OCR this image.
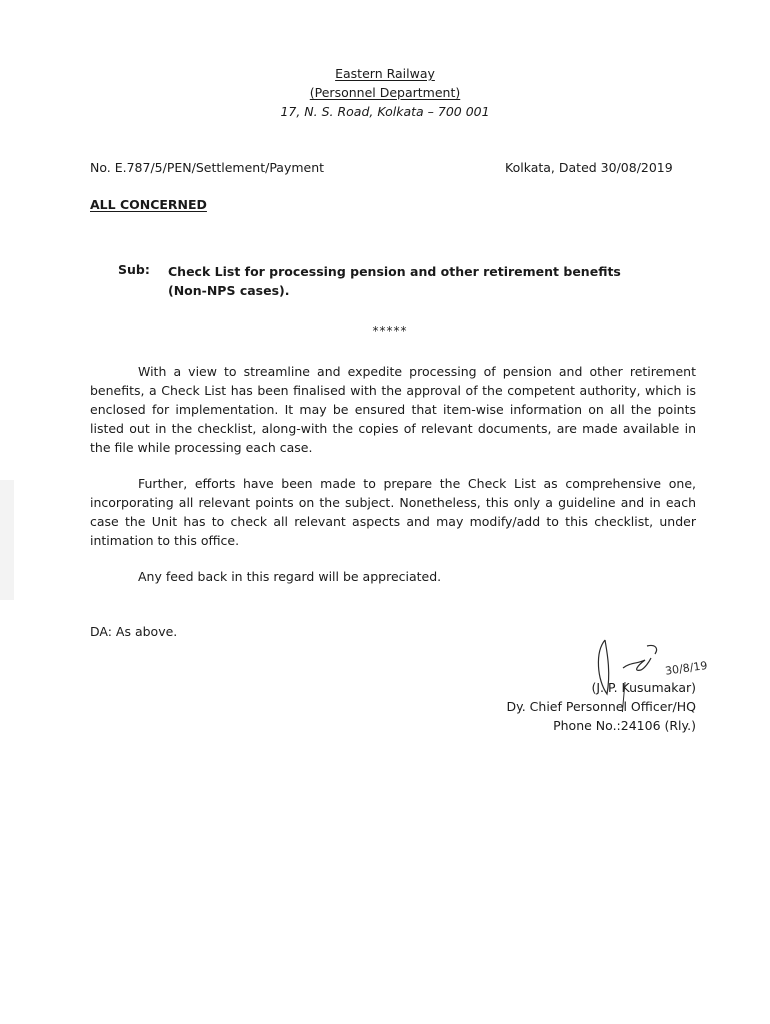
Eastern Railway
(Personnel Department)
17, N. S. Road, Kolkata – 700 001
No. E.787/5/PEN/Settlement/Payment	Kolkata, Dated 30/08/2019
ALL CONCERNED
Sub: Check List for processing pension and other retirement benefits
(Non-NPS cases).
*****

With a view to streamline and expedite processing of pension and other retirement benefits, a Check List has been finalised with the approval of the competent authority, which is enclosed for implementation. It may be ensured that item-wise information on all the points listed out in the checklist, along-with the copies of relevant documents, are made available in the file while processing each case.

Further, efforts have been made to prepare the Check List as comprehensive one, incorporating all relevant points on the subject. Nonetheless, this only a guideline and in each case the Unit has to check all relevant aspects and may modify/add to this checklist, under intimation to this office.

Any feed back in this regard will be appreciated.

DA: As above.
30/8/19
(J. P. Kusumakar)
Dy. Chief Personnel Officer/HQ
Phone No.:24106 (Rly.)
